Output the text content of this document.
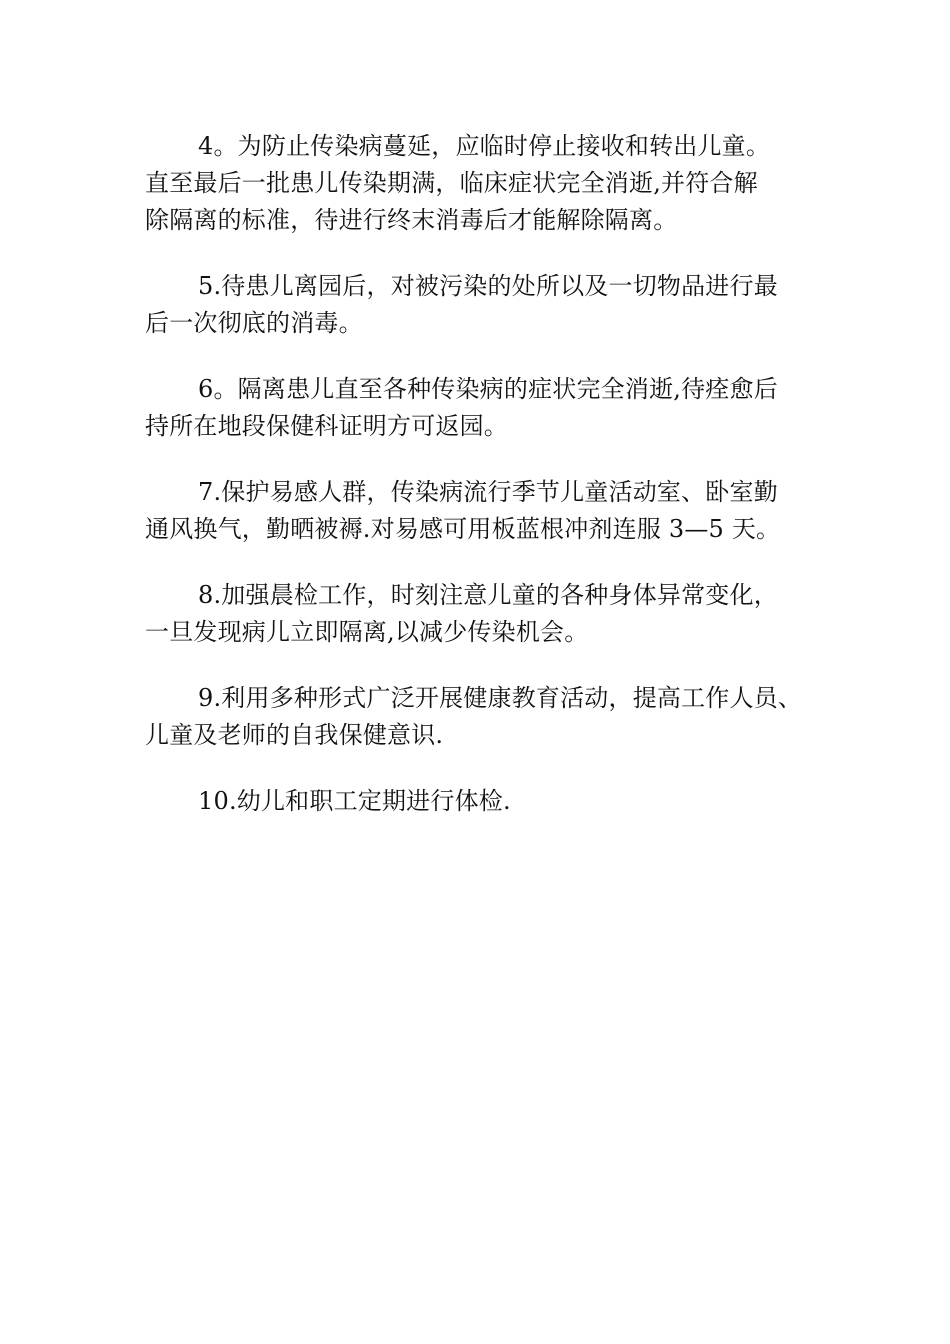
4。为防止传染病蔓延，应临时停止接收和转出儿童。
直至最后一批患儿传染期满，临床症状完全消逝,并符合解
除隔离的标准，待进行终末消毒后才能解除隔离。

5.待患儿离园后，对被污染的处所以及一切物品进行最
后一次彻底的消毒。

6。隔离患儿直至各种传染病的症状完全消逝,待痊愈后
持所在地段保健科证明方可返园。

7.保护易感人群，传染病流行季节儿童活动室、卧室勤
通风换气，勤晒被褥.对易感可用板蓝根冲剂连服 3—5 天。

8.加强晨检工作，时刻注意儿童的各种身体异常变化，
一旦发现病儿立即隔离,以减少传染机会。

9.利用多种形式广泛开展健康教育活动，提高工作人员、
儿童及老师的自我保健意识.

10.幼儿和职工定期进行体检.
